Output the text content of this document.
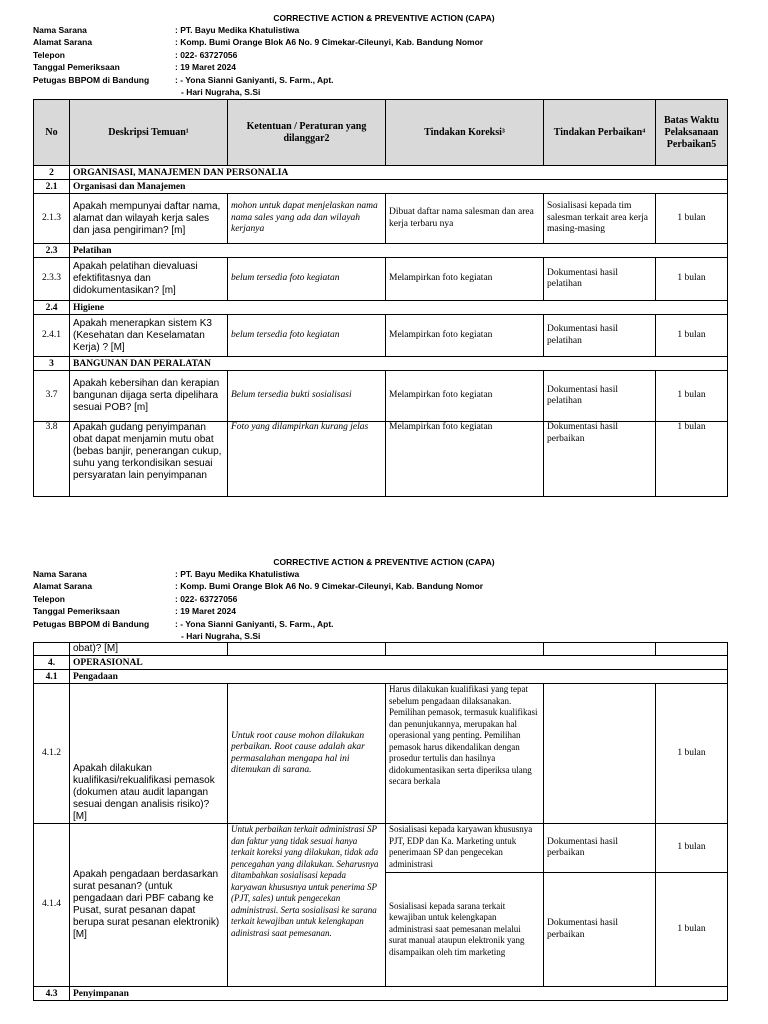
CORRECTIVE ACTION & PREVENTIVE ACTION (CAPA)
Nama Sarana	: PT. Bayu Medika Khatulistiwa
Alamat Sarana	: Komp. Bumi Orange Blok A6 No. 9 Cimekar-Cileunyi, Kab. Bandung Nomor
Telepon	: 022- 63727056
Tanggal Pemeriksaan	: 19 Maret 2024
Petugas BBPOM di Bandung	: - Yona Sianni Ganiyanti, S. Farm., Apt.
- Hari Nugraha, S.Si
No	Deskripsi Temuan¹	Ketentuan / Peraturan yang dilanggar2	Tindakan Koreksi³	Tindakan Perbaikan⁴	Batas Waktu Pelaksanaan Perbaikan5
2	ORGANISASI, MANAJEMEN DAN PERSONALIA				
2.1	Organisasi dan Manajemen				
2.1.3	Apakah mempunyai daftar nama, alamat dan wilayah kerja sales dan jasa pengiriman? [m]	mohon untuk dapat menjelaskan nama nama sales yang ada dan wilayah kerjanya	Dibuat daftar nama salesman dan area kerja terbaru nya	Sosialisasi kepada tim salesman terkait area kerja masing-masing	1 bulan
2.3	Pelatihan				
2.3.3	Apakah pelatihan dievaluasi efektifitasnya dan didokumentasikan? [m]	belum tersedia foto kegiatan	Melampirkan foto kegiatan	Dokumentasi hasil pelatihan	1 bulan
2.4	Higiene				
2.4.1	Apakah menerapkan sistem K3 (Kesehatan dan Keselamatan Kerja) ? [M]	belum tersedia foto kegiatan	Melampirkan foto kegiatan	Dokumentasi hasil pelatihan	1 bulan
3	BANGUNAN DAN PERALATAN				
3.7	Apakah kebersihan dan kerapian bangunan dijaga serta dipelihara sesuai POB? [m]	Belum tersedia bukti sosialisasi	Melampirkan foto kegiatan	Dokumentasi hasil pelatihan	1 bulan
3.8	Apakah gudang penyimpanan obat dapat menjamin mutu obat (bebas banjir, penerangan cukup, suhu yang terkondisikan sesuai persyaratan lain penyimpanan	Foto yang dilampirkan kurang jelas	Melampirkan foto kegiatan	Dokumentasi hasil perbaikan	1 bulan
CORRECTIVE ACTION & PREVENTIVE ACTION (CAPA)
Nama Sarana	: PT. Bayu Medika Khatulistiwa
Alamat Sarana	: Komp. Bumi Orange Blok A6 No. 9 Cimekar-Cileunyi, Kab. Bandung Nomor
Telepon	: 022- 63727056
Tanggal Pemeriksaan	: 19 Maret 2024
Petugas BBPOM di Bandung	: - Yona Sianni Ganiyanti, S. Farm., Apt.
- Hari Nugraha, S.Si
	obat)? [M]				
4.	OPERASIONAL				
4.1	Pengadaan				
4.1.2	Apakah dilakukan kualifikasi/rekualifikasi pemasok (dokumen atau audit lapangan sesuai dengan analisis risiko)? [M]	Untuk root cause mohon dilakukan perbaikan. Root cause adalah akar permasalahan mengapa hal ini ditemukan di sarana.	Harus dilakukan kualifikasi yang tepat sebelum pengadaan dilaksanakan. Pemilihan pemasok, termasuk kualifikasi dan penunjukannya, merupakan hal operasional yang penting. Pemilihan pemasok harus dikendalikan dengan prosedur tertulis dan hasilnya didokumentasikan serta diperiksa ulang secara berkala		1 bulan
4.1.4	Apakah pengadaan berdasarkan surat pesanan? (untuk pengadaan dari PBF cabang ke Pusat, surat pesanan dapat berupa surat pesanan elektronik) [M]	Untuk perbaikan terkait administrasi SP dan faktur yang tidak sesuai hanya terkait koreksi yang dilakukan, tidak ada pencegahan yang dilakukan. Seharusnya ditambahkan sosialisasi kepada karyawan khususnya untuk penerima SP (PJT, sales) untuk pengecekan administrasi. Serta sosialisasi ke sarana terkait kewajiban untuk kelengkapan adinistrasi saat pemesanan.	Sosialisasi kepada karyawan khususnya PJT, EDP dan Ka. Marketing untuk penerimaan SP dan pengecekan administrasi	Dokumentasi hasil perbaikan	1 bulan
			Sosialisasi kepada sarana terkait kewajiban untuk kelengkapan administrasi saat pemesanan melalui surat manual ataupun elektronik yang disampaikan oleh tim marketing	Dokumentasi hasil perbaikan	1 bulan
4.3	Penyimpanan				
